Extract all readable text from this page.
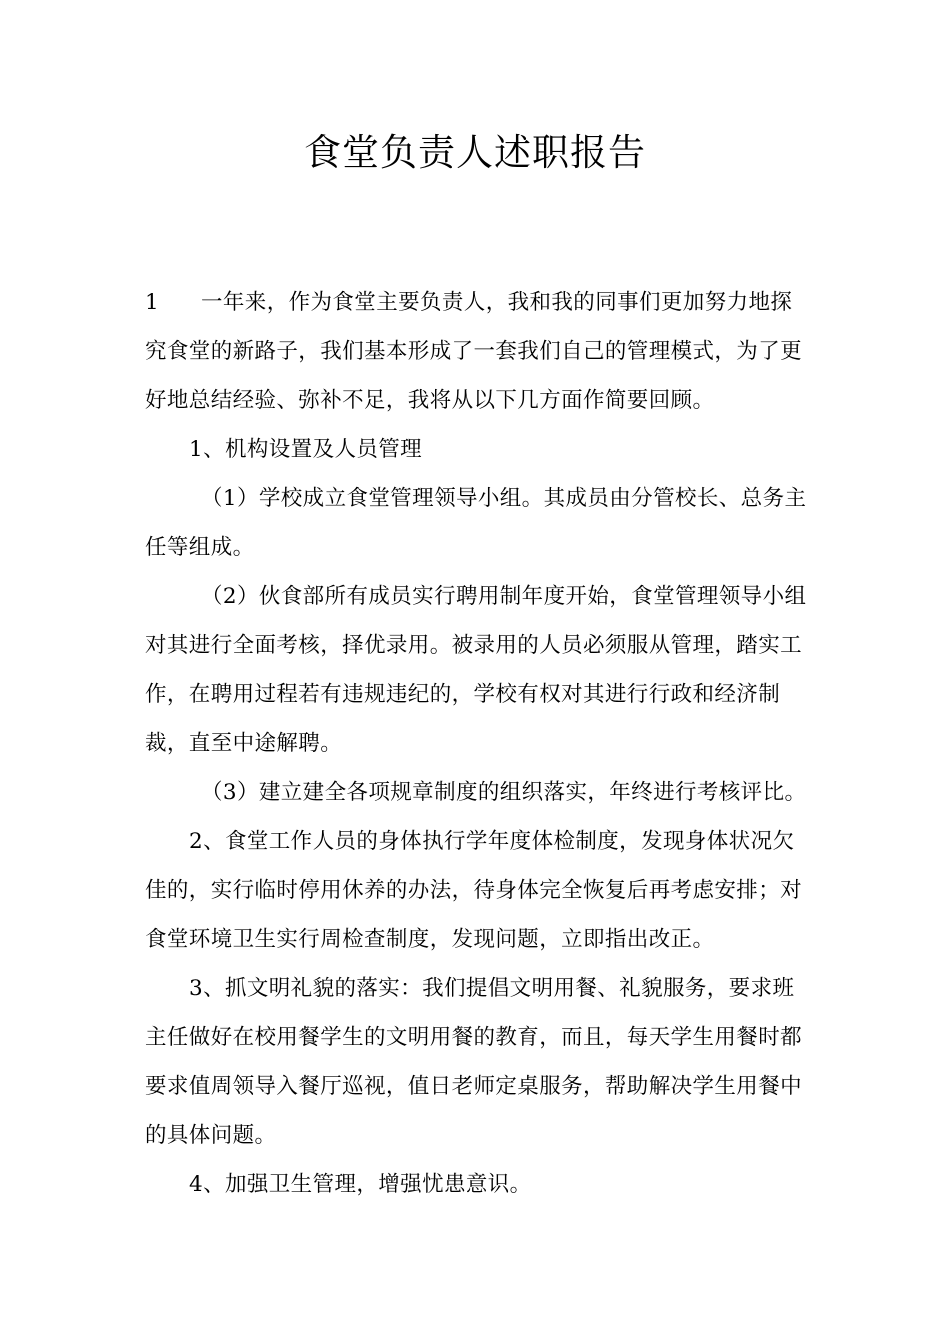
食堂负责人述职报告

1 一年来，作为食堂主要负责人，我和我的同事们更加努力地探究食堂的新路子，我们基本形成了一套我们自己的管理模式，为了更好地总结经验、弥补不足，我将从以下几方面作简要回顾。

1、机构设置及人员管理

（1）学校成立食堂管理领导小组。其成员由分管校长、总务主任等组成。

（2）伙食部所有成员实行聘用制年度开始，食堂管理领导小组对其进行全面考核，择优录用。被录用的人员必须服从管理，踏实工作，在聘用过程若有违规违纪的，学校有权对其进行行政和经济制裁，直至中途解聘。

（3）建立建全各项规章制度的组织落实，年终进行考核评比。

2、食堂工作人员的身体执行学年度体检制度，发现身体状况欠佳的，实行临时停用休养的办法，待身体完全恢复后再考虑安排；对食堂环境卫生实行周检查制度，发现问题，立即指出改正。

3、抓文明礼貌的落实：我们提倡文明用餐、礼貌服务，要求班主任做好在校用餐学生的文明用餐的教育，而且，每天学生用餐时都要求值周领导入餐厅巡视，值日老师定桌服务，帮助解决学生用餐中的具体问题。

4、加强卫生管理，增强忧患意识。
